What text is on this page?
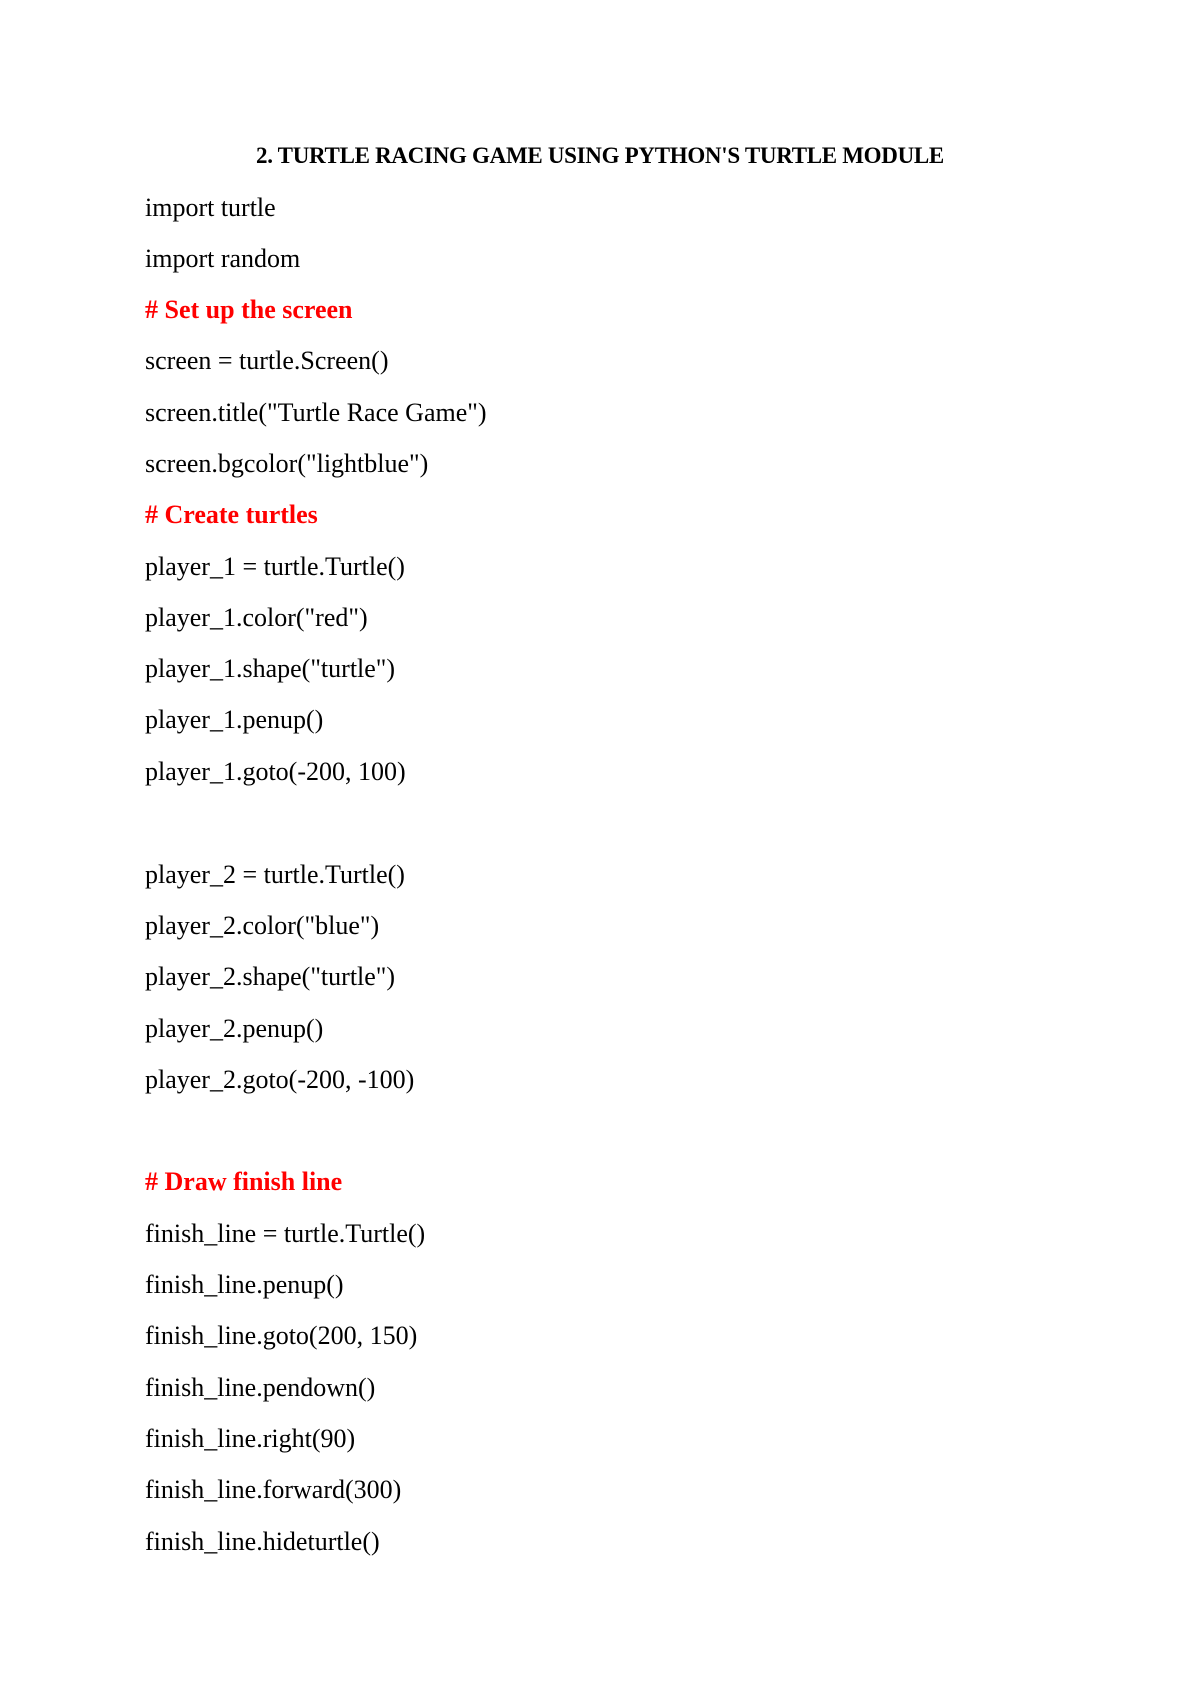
2. TURTLE RACING GAME USING PYTHON'S TURTLE MODULE
import turtle
import random
# Set up the screen
screen = turtle.Screen()
screen.title("Turtle Race Game")
screen.bgcolor("lightblue")
# Create turtles
player_1 = turtle.Turtle()
player_1.color("red")
player_1.shape("turtle")
player_1.penup()
player_1.goto(-200, 100)
player_2 = turtle.Turtle()
player_2.color("blue")
player_2.shape("turtle")
player_2.penup()
player_2.goto(-200, -100)
# Draw finish line
finish_line = turtle.Turtle()
finish_line.penup()
finish_line.goto(200, 150)
finish_line.pendown()
finish_line.right(90)
finish_line.forward(300)
finish_line.hideturtle()
